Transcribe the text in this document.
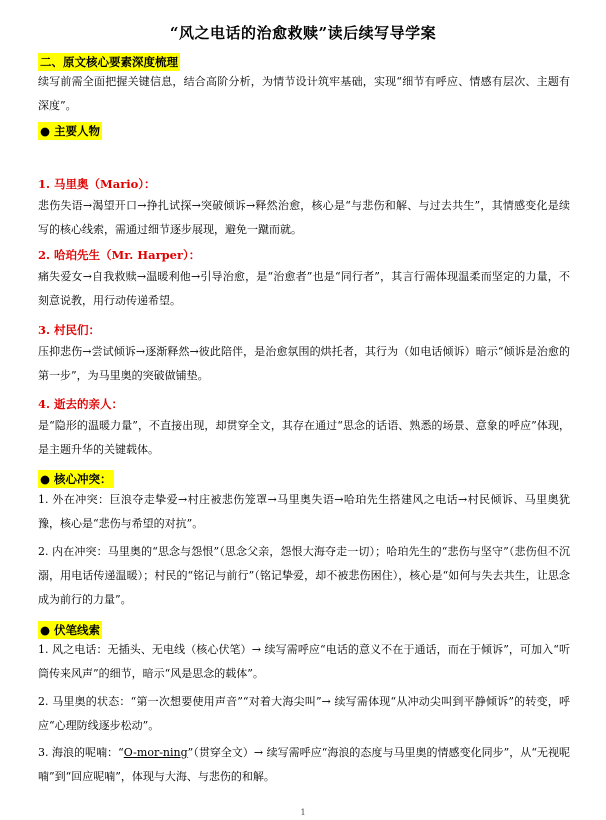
“风之电话的治愈救赎”读后续写导学案
二、原文核心要素深度梳理

续写前需全面把握关键信息，结合高阶分析，为情节设计筑牢基础，实现“细节有呼应、情感有层次、主题有深度”。

● 主要人物
1. 马里奥（Mario）：

悲伤失语→渴望开口→挣扎试探→突破倾诉→释然治愈，核心是“与悲伤和解、与过去共生”，其情感变化是续写的核心线索，需通过细节逐步展现，避免一蹴而就。

2. 哈珀先生（Mr. Harper）：

痛失爱女→自我救赎→温暖利他→引导治愈，是“治愈者”也是“同行者”，其言行需体现温柔而坚定的力量，不刻意说教，用行动传递希望。

3. 村民们：

压抑悲伤→尝试倾诉→逐渐释然→彼此陪伴，是治愈氛围的烘托者，其行为（如电话倾诉）暗示“倾诉是治愈的第一步”，为马里奥的突破做铺垫。

4. 逝去的亲人：

是“隐形的温暖力量”，不直接出现，却贯穿全文，其存在通过“思念的话语、熟悉的场景、意象的呼应”体现，是主题升华的关键载体。

● 核心冲突：

1. 外在冲突：巨浪夺走挚爱→村庄被悲伤笼罩→马里奥失语→哈珀先生搭建风之电话→村民倾诉、马里奥犹豫，核心是“悲伤与希望的对抗”。

2. 内在冲突：马里奥的“思念与怨恨”（思念父亲，怨恨大海夺走一切）；哈珀先生的“悲伤与坚守”（悲伤但不沉溺，用电话传递温暖）；村民的“铭记与前行”（铭记挚爱，却不被悲伤困住），核心是“如何与失去共生，让思念成为前行的力量”。

● 伏笔线索

1. 风之电话：无插头、无电线（核心伏笔）→ 续写需呼应“电话的意义不在于通话，而在于倾诉”，可加入“听筒传来风声”的细节，暗示“风是思念的载体”。

2. 马里奥的状态：“第一次想要使用声音”“对着大海尖叫”→ 续写需体现“从冲动尖叫到平静倾诉”的转变，呼应“心理防线逐步松动”。

3. 海浪的呢喃：“O-mor-ning”（贯穿全文）→ 续写需呼应“海浪的态度与马里奥的情感变化同步”，从“无视呢喃”到“回应呢喃”，体现与大海、与悲伤的和解。

1
